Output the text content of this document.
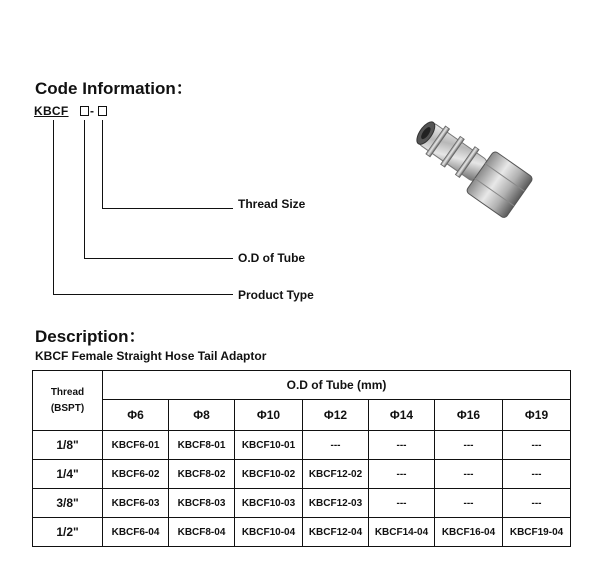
Code Information：
KBCF -
Thread Size
O.D of Tube
Product Type
Description：
KBCF Female Straight Hose Tail Adaptor
Thread
(BSPT)	O.D of Tube (mm)						
	Φ6	Φ8	Φ10	Φ12	Φ14	Φ16	Φ19
1/8"	KBCF6-01	KBCF8-01	KBCF10-01	---	---	---	---
1/4"	KBCF6-02	KBCF8-02	KBCF10-02	KBCF12-02	---	---	---
3/8"	KBCF6-03	KBCF8-03	KBCF10-03	KBCF12-03	---	---	---
1/2"	KBCF6-04	KBCF8-04	KBCF10-04	KBCF12-04	KBCF14-04	KBCF16-04	KBCF19-04
